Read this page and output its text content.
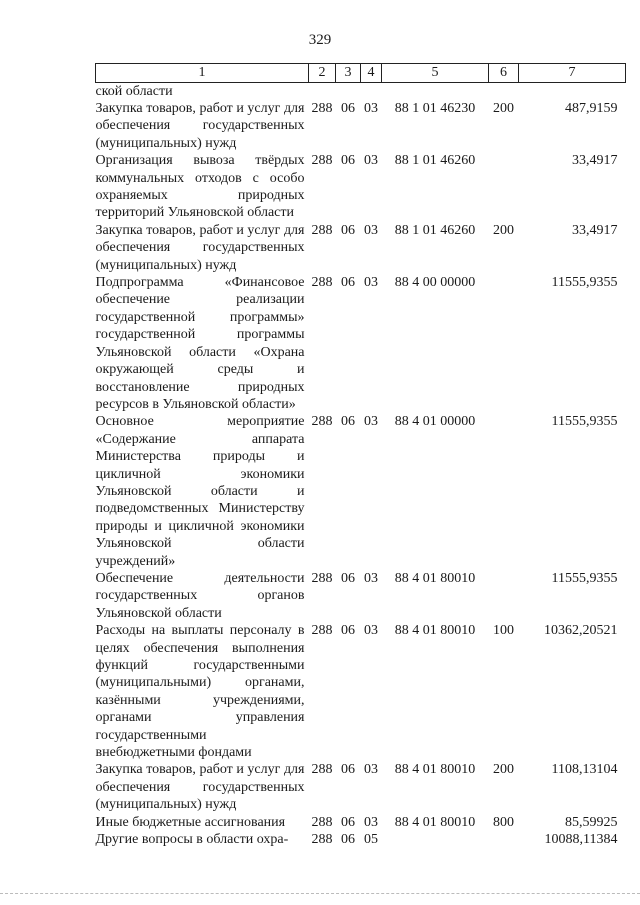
329
1	2	3	4	5	6	7
ской области						
Закупка товаров, работ и услуг для обеспечения государственных (муниципальных) нужд	288	06	03	88 1 01 46230	200	487,9159
Организация вывоза твёрдых коммунальных отходов с особо охраняемых природных территорий Ульяновской области	288	06	03	88 1 01 46260		33,4917
Закупка товаров, работ и услуг для обеспечения государственных (муниципальных) нужд	288	06	03	88 1 01 46260	200	33,4917
Подпрограмма «Финансовое обеспечение реализации государственной программы» государственной программы Ульяновской области «Охрана окружающей среды и восстановление природных ресурсов в Ульяновской области»	288	06	03	88 4 00 00000		11555,9355
Основное мероприятие «Содержание аппарата Министерства природы и цикличной экономики Ульяновской области и подведомственных Министерству природы и цикличной экономики Ульяновской области учреждений»	288	06	03	88 4 01 00000		11555,9355
Обеспечение деятельности государственных органов Ульяновской области	288	06	03	88 4 01 80010		11555,9355
Расходы на выплаты персоналу в целях обеспечения выполнения функций государственными (муниципальными) органами, казёнными учреждениями, органами управления государственными внебюджетными фондами	288	06	03	88 4 01 80010	100	10362,20521
Закупка товаров, работ и услуг для обеспечения государственных (муниципальных) нужд	288	06	03	88 4 01 80010	200	1108,13104
Иные бюджетные ассигнования	288	06	03	88 4 01 80010	800	85,59925
Другие вопросы в области охра-	288	06	05			10088,11384
